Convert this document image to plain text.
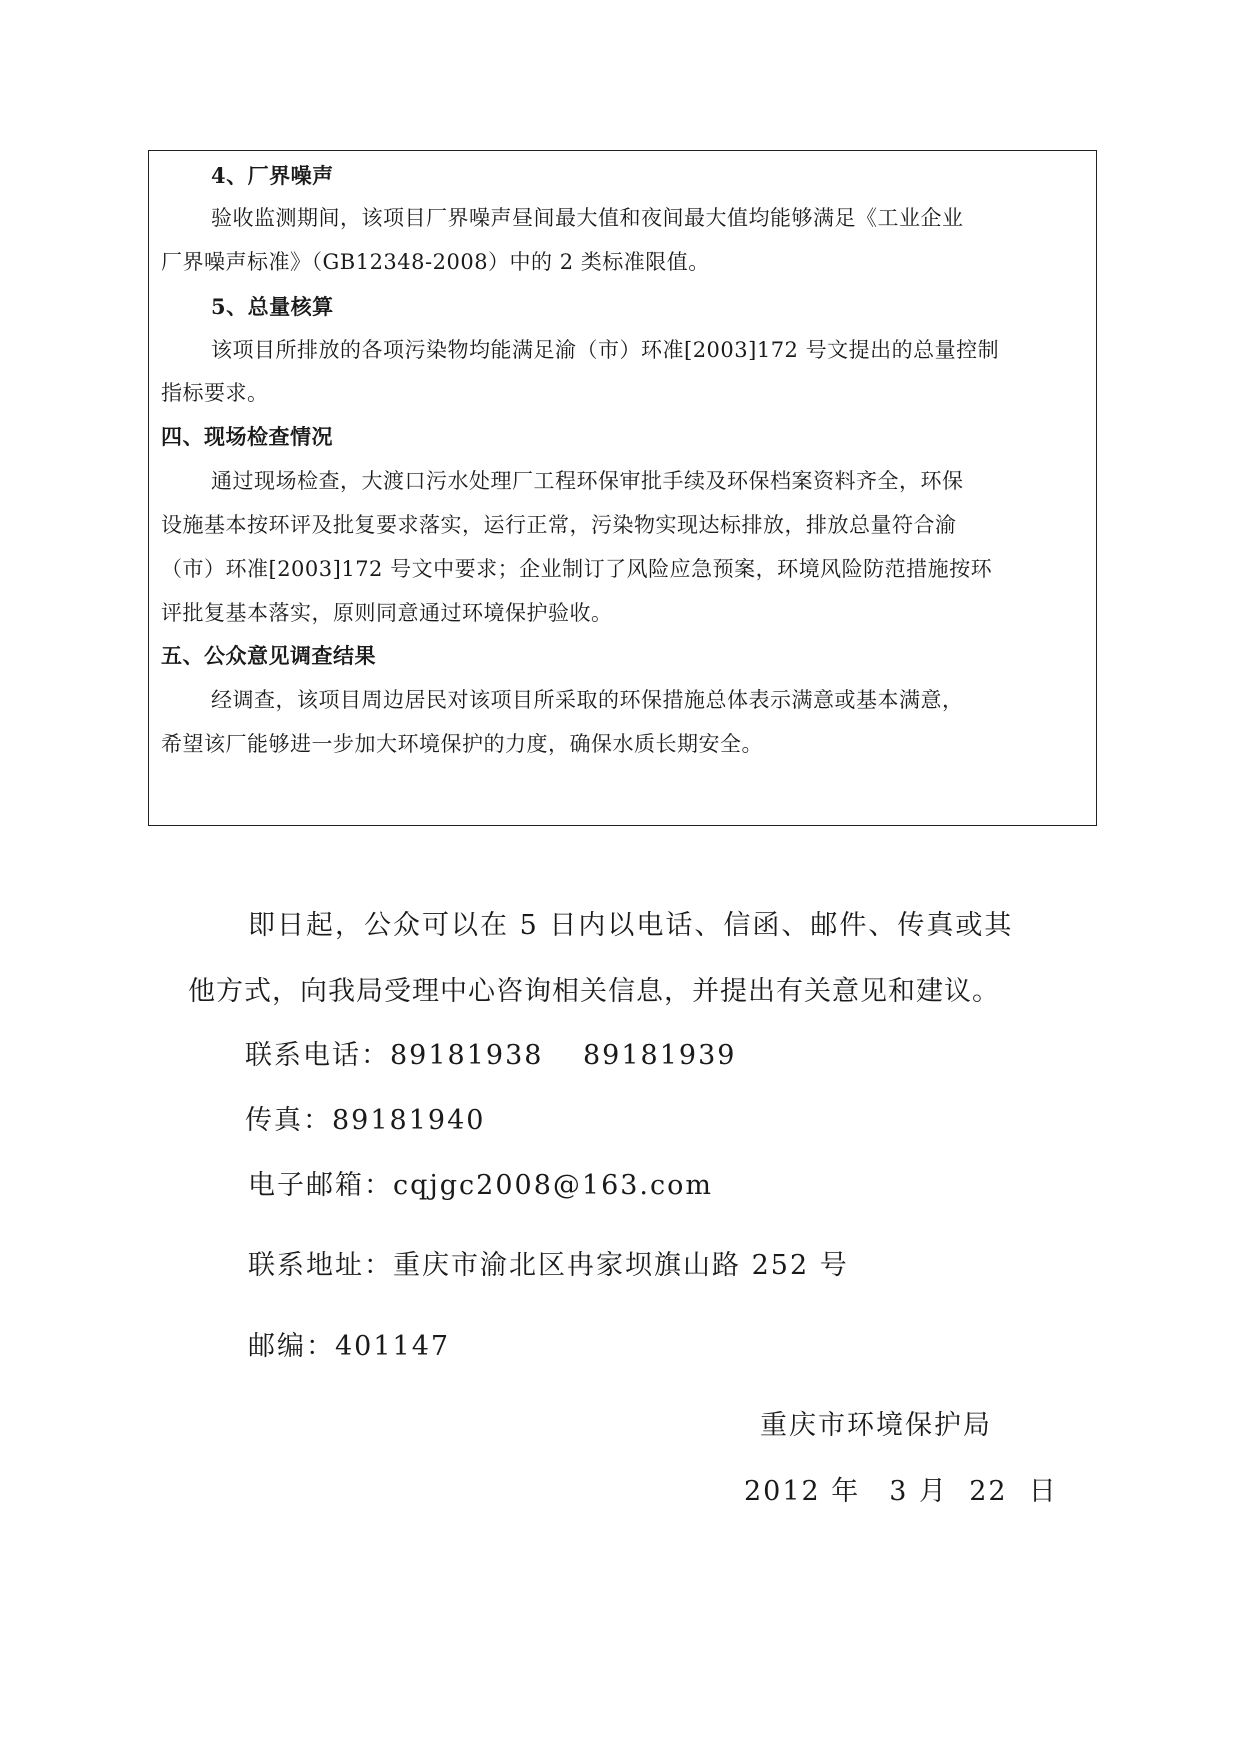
4、厂界噪声
验收监测期间，该项目厂界噪声昼间最大值和夜间最大值均能够满足《工业企业
厂界噪声标准》（GB12348-2008）中的 2 类标准限值。
5、总量核算
该项目所排放的各项污染物均能满足渝（市）环准[2003]172 号文提出的总量控制
指标要求。
四、现场检查情况
通过现场检查，大渡口污水处理厂工程环保审批手续及环保档案资料齐全，环保
设施基本按环评及批复要求落实，运行正常，污染物实现达标排放，排放总量符合渝
（市）环准[2003]172 号文中要求；企业制订了风险应急预案，环境风险防范措施按环
评批复基本落实，原则同意通过环境保护验收。
五、公众意见调查结果
经调查，该项目周边居民对该项目所采取的环保措施总体表示满意或基本满意，
希望该厂能够进一步加大环境保护的力度，确保水质长期安全。
即日起，公众可以在 5 日内以电话、信函、邮件、传真或其
他方式，向我局受理中心咨询相关信息，并提出有关意见和建议。
联系电话：89181938　 89181939
传真：89181940
电子邮箱：cqjgc2008@163.com
联系地址：重庆市渝北区冉家坝旗山路 252 号
邮编：401147
重庆市环境保护局
2012 年　3 月  22  日
